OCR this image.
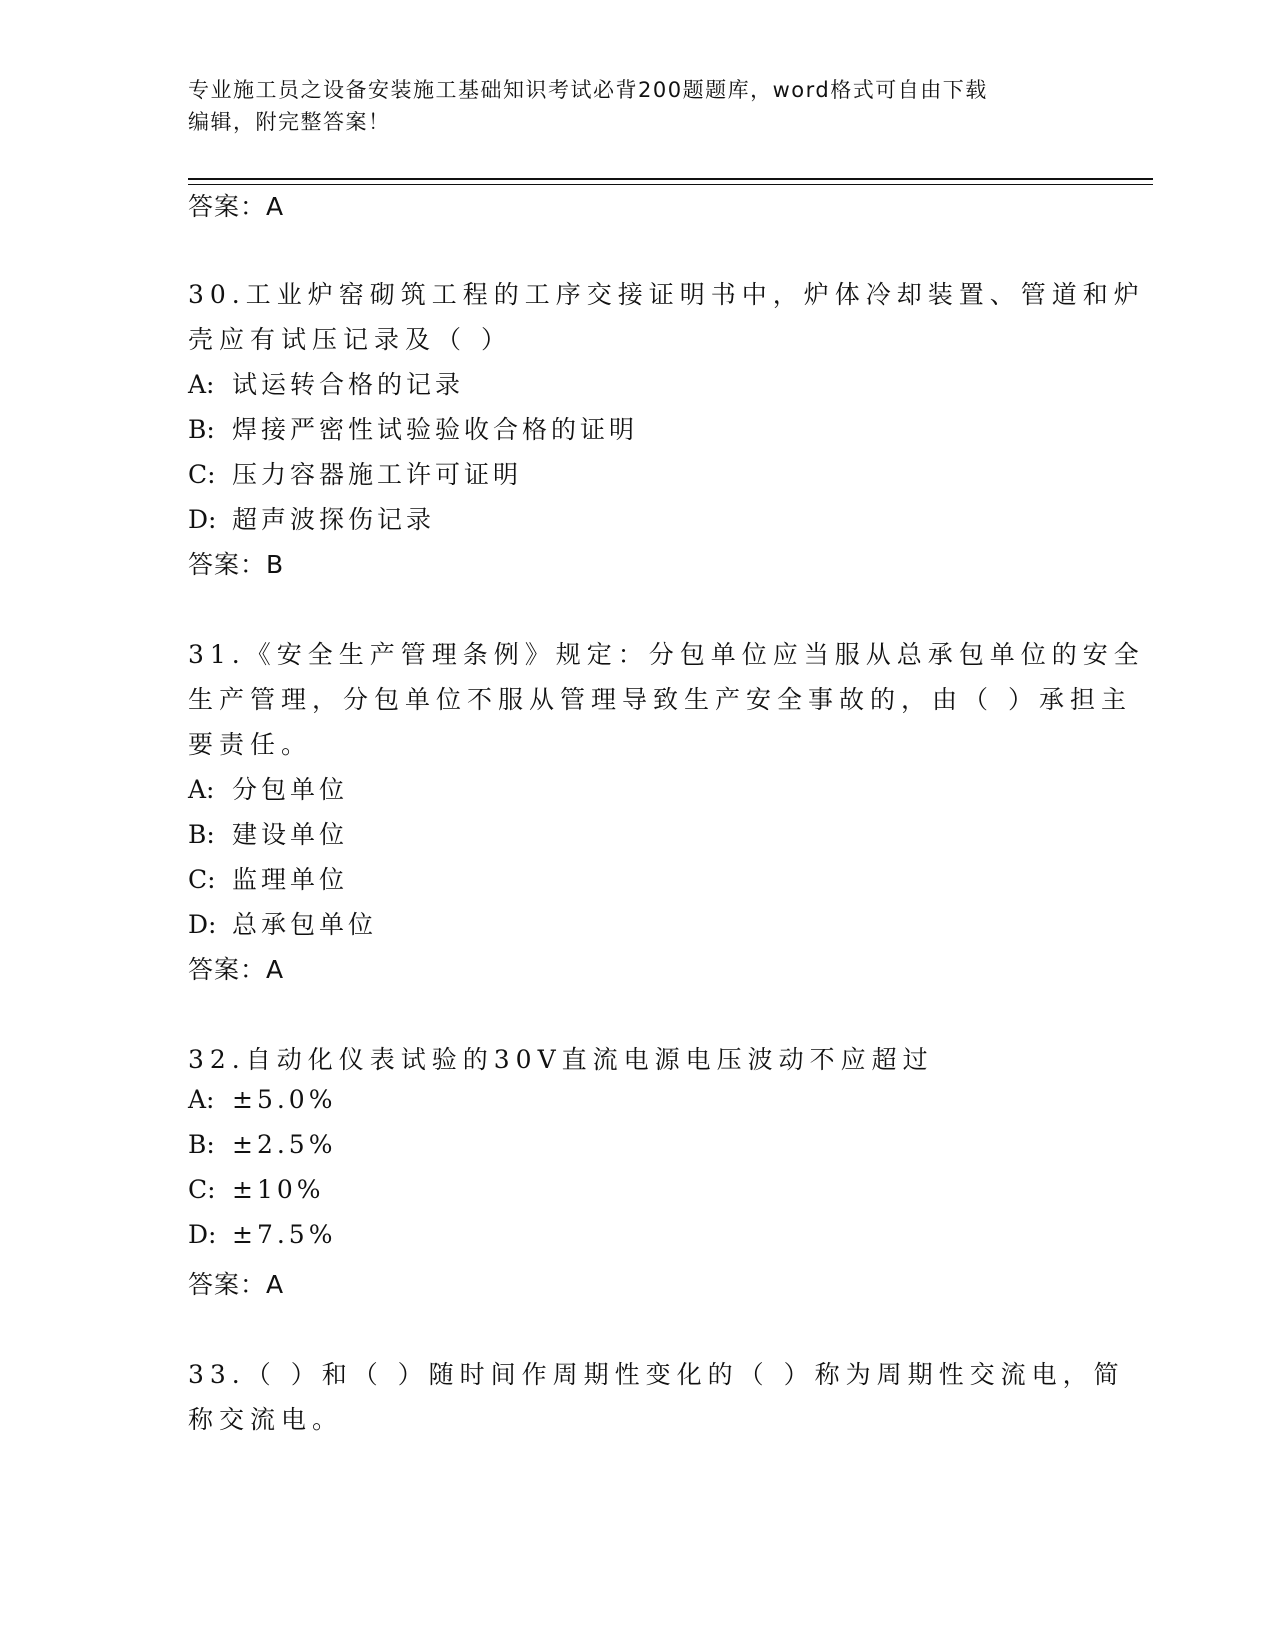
专业施工员之设备安装施工基础知识考试必背200题题库，word格式可自由下载
编辑，附完整答案！
答案：A
30.工业炉窑砌筑工程的工序交接证明书中，炉体冷却装置、管道和炉
壳应有试压记录及（ ）
A: 试运转合格的记录
B: 焊接严密性试验验收合格的证明
C: 压力容器施工许可证明
D: 超声波探伤记录
答案：B
31.《安全生产管理条例》规定：分包单位应当服从总承包单位的安全
生产管理，分包单位不服从管理导致生产安全事故的，由（ ）承担主
要责任。
A: 分包单位
B: 建设单位
C: 监理单位
D: 总承包单位
答案：A
32.自动化仪表试验的30V直流电源电压波动不应超过
A: ±5.0%
B: ±2.5%
C: ±10%
D: ±7.5%
答案：A
33.（ ）和（ ）随时间作周期性变化的（ ）称为周期性交流电，简
称交流电。
